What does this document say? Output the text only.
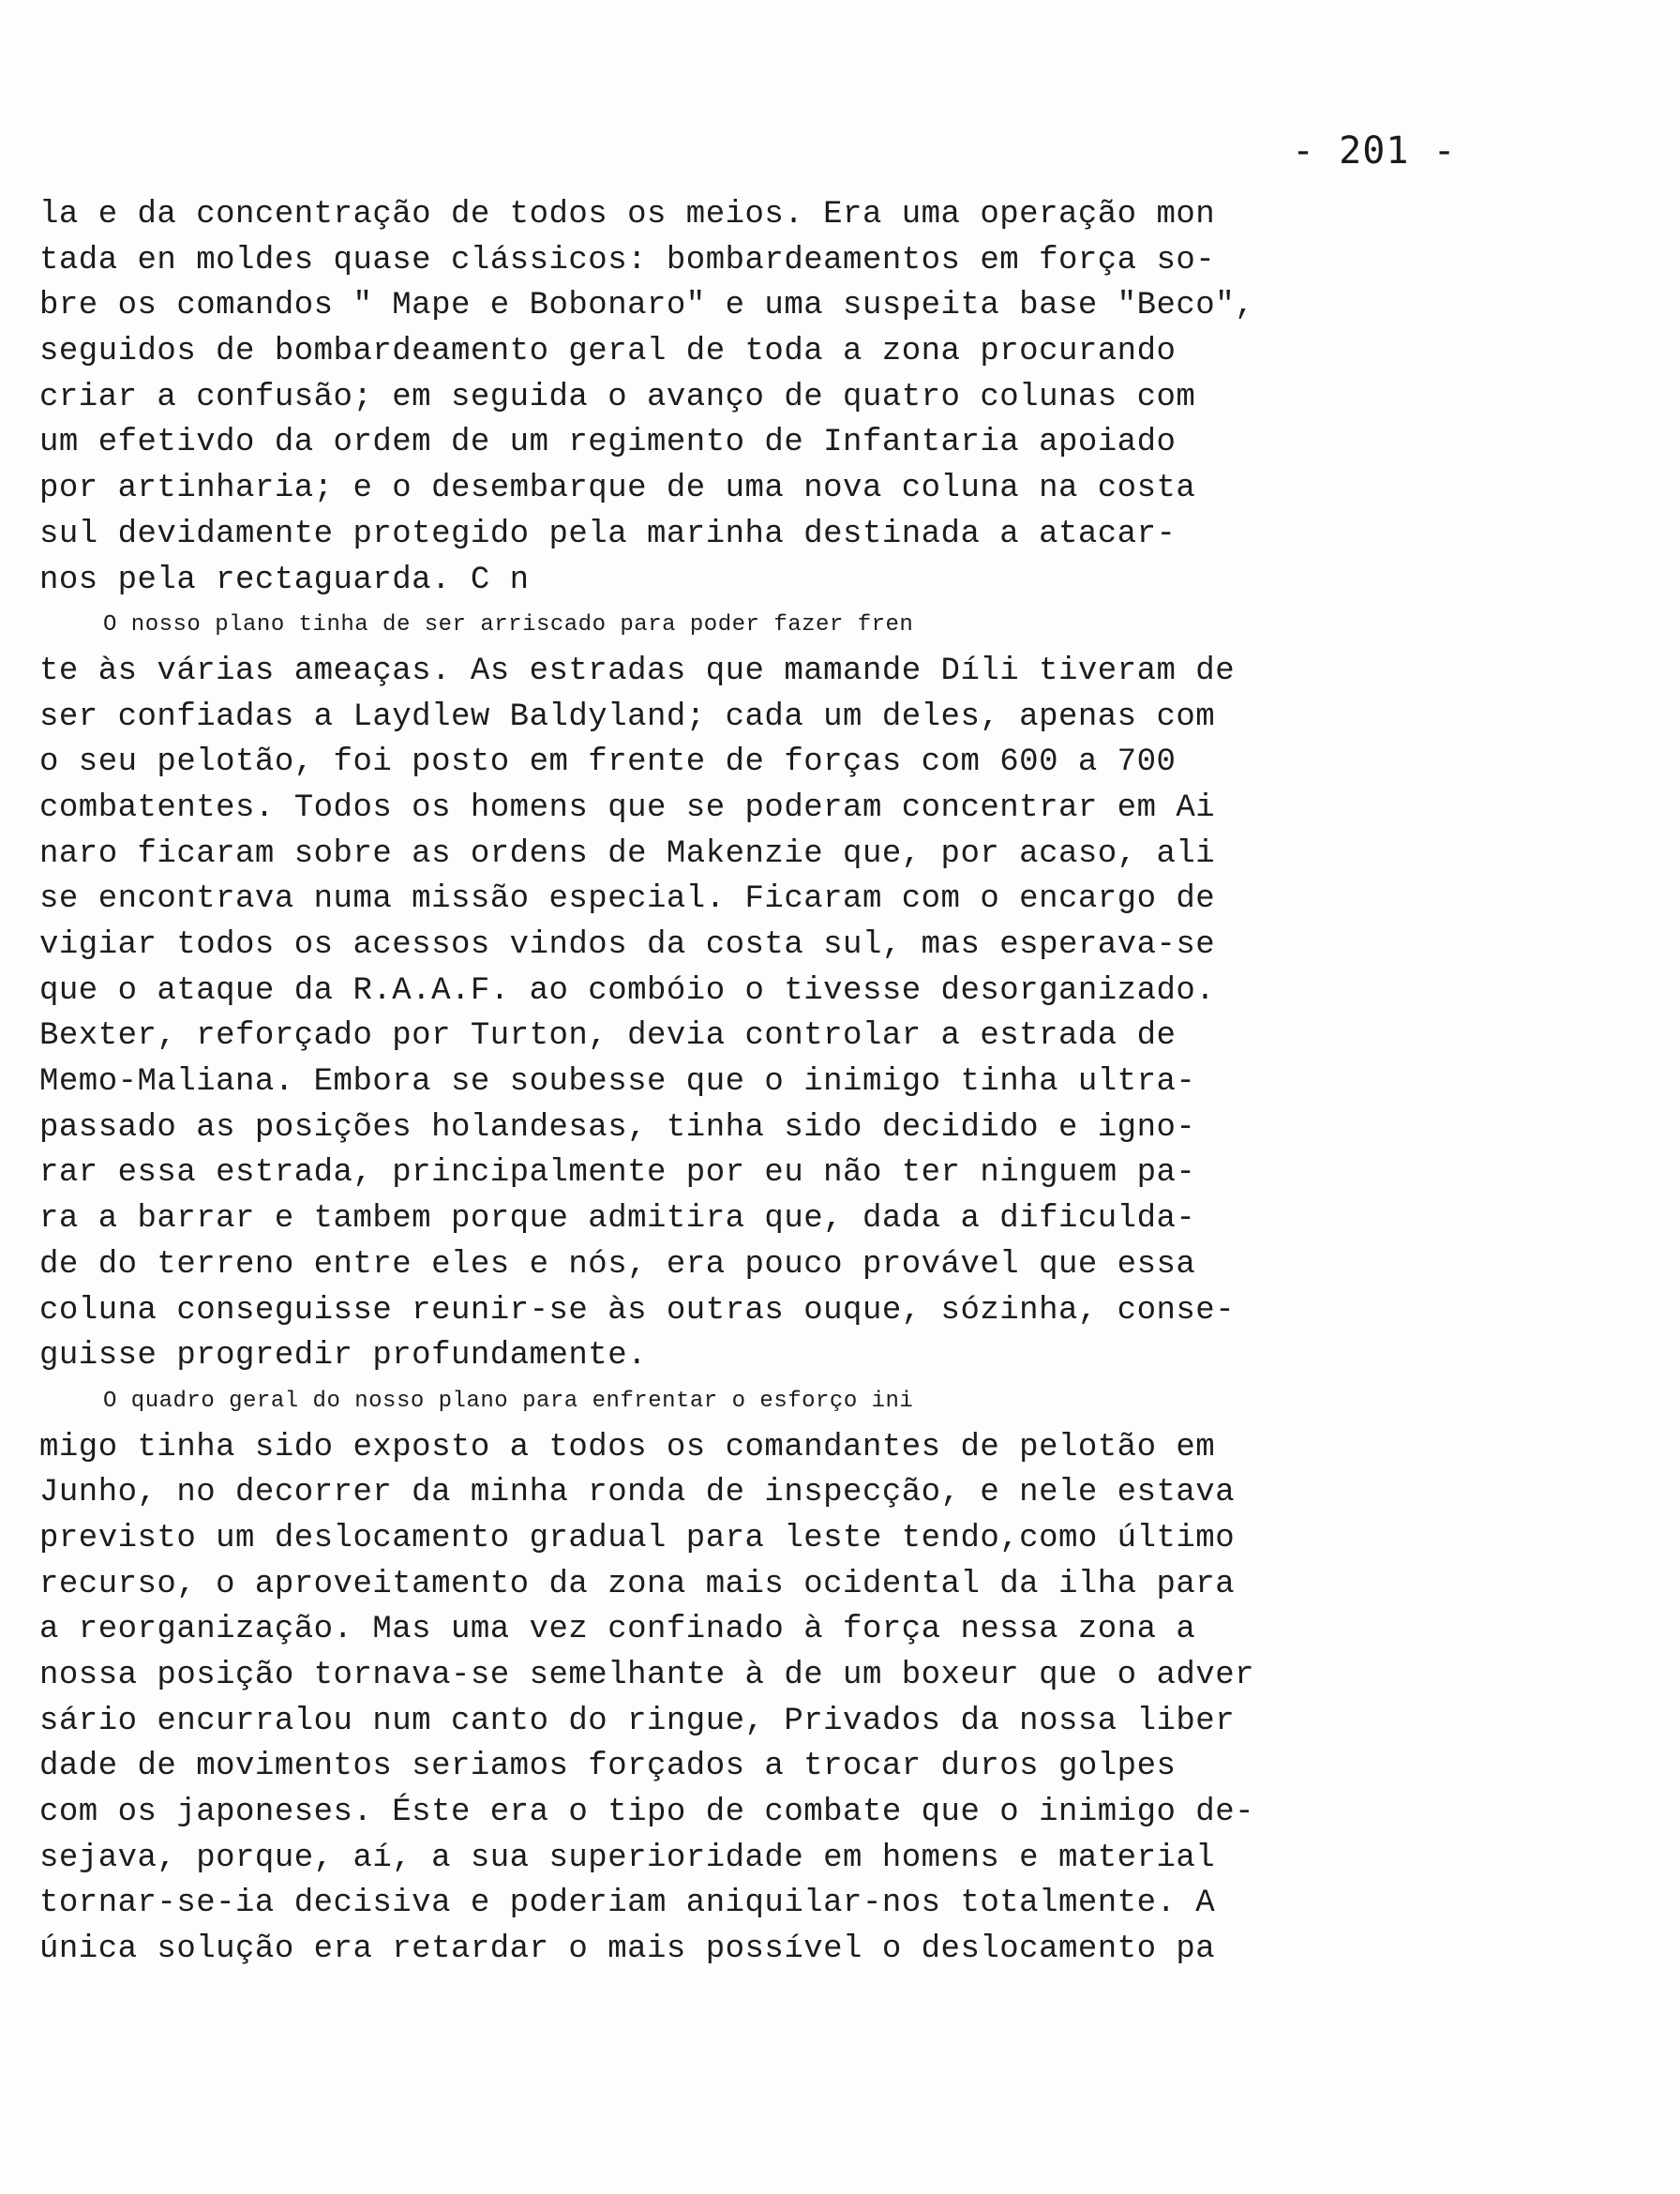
- 201 -
la e da concentração de todos os meios. Era uma operação mon
tada en moldes quase clássicos: bombardeamentos em força so-
bre os comandos " Mape e Bobonaro" e uma suspeita base "Beco",
seguidos de bombardeamento geral de toda a zona procurando
criar a confusão; em seguida o avanço de quatro colunas com
um efetivdo da ordem de um regimento de Infantaria apoiado
por artinharia; e o desembarque de uma nova coluna na costa
sul devidamente protegido pela marinha destinada a atacar-
nos pela rectaguarda. C n
O nosso plano tinha de ser arriscado para poder fazer fren
te às várias ameaças. As estradas que mamande Díli tiveram de
ser confiadas a Laydlew Baldyland; cada um deles, apenas com
o seu pelotão, foi posto em frente de forças com 600 a 700
combatentes. Todos os homens que se poderam concentrar em Ai
naro ficaram sobre as ordens de Makenzie que, por acaso, ali
se encontrava numa missão especial. Ficaram com o encargo de
vigiar todos os acessos vindos da costa sul, mas esperava-se
que o ataque da R.A.A.F. ao combóio o tivesse desorganizado.
Bexter, reforçado por Turton, devia controlar a estrada de
Memo-Maliana. Embora se soubesse que o inimigo tinha ultra-
passado as posições holandesas, tinha sido decidido e igno-
rar essa estrada, principalmente por eu não ter ninguem pa-
ra a barrar e tambem porque admitira que, dada a dificulda-
de do terreno entre eles e nós, era pouco provável que essa
coluna conseguisse reunir-se às outras ouque, sózinha, conse-
guisse progredir profundamente.
O quadro geral do nosso plano para enfrentar o esforço ini
migo tinha sido exposto a todos os comandantes de pelotão em
Junho, no decorrer da minha ronda de inspecção, e nele estava
previsto um deslocamento gradual para leste tendo,como último
recurso, o aproveitamento da zona mais ocidental da ilha para
a reorganização. Mas uma vez confinado à força nessa zona a
nossa posição tornava-se semelhante à de um boxeur que o adver
sário encurralou num canto do ringue, Privados da nossa liber
dade de movimentos seriamos forçados a trocar duros golpes
com os japoneses. Éste era o tipo de combate que o inimigo de-
sejava, porque, aí, a sua superioridade em homens e material
tornar-se-ia decisiva e poderiam aniquilar-nos totalmente. A
única solução era retardar o mais possível o deslocamento pa
